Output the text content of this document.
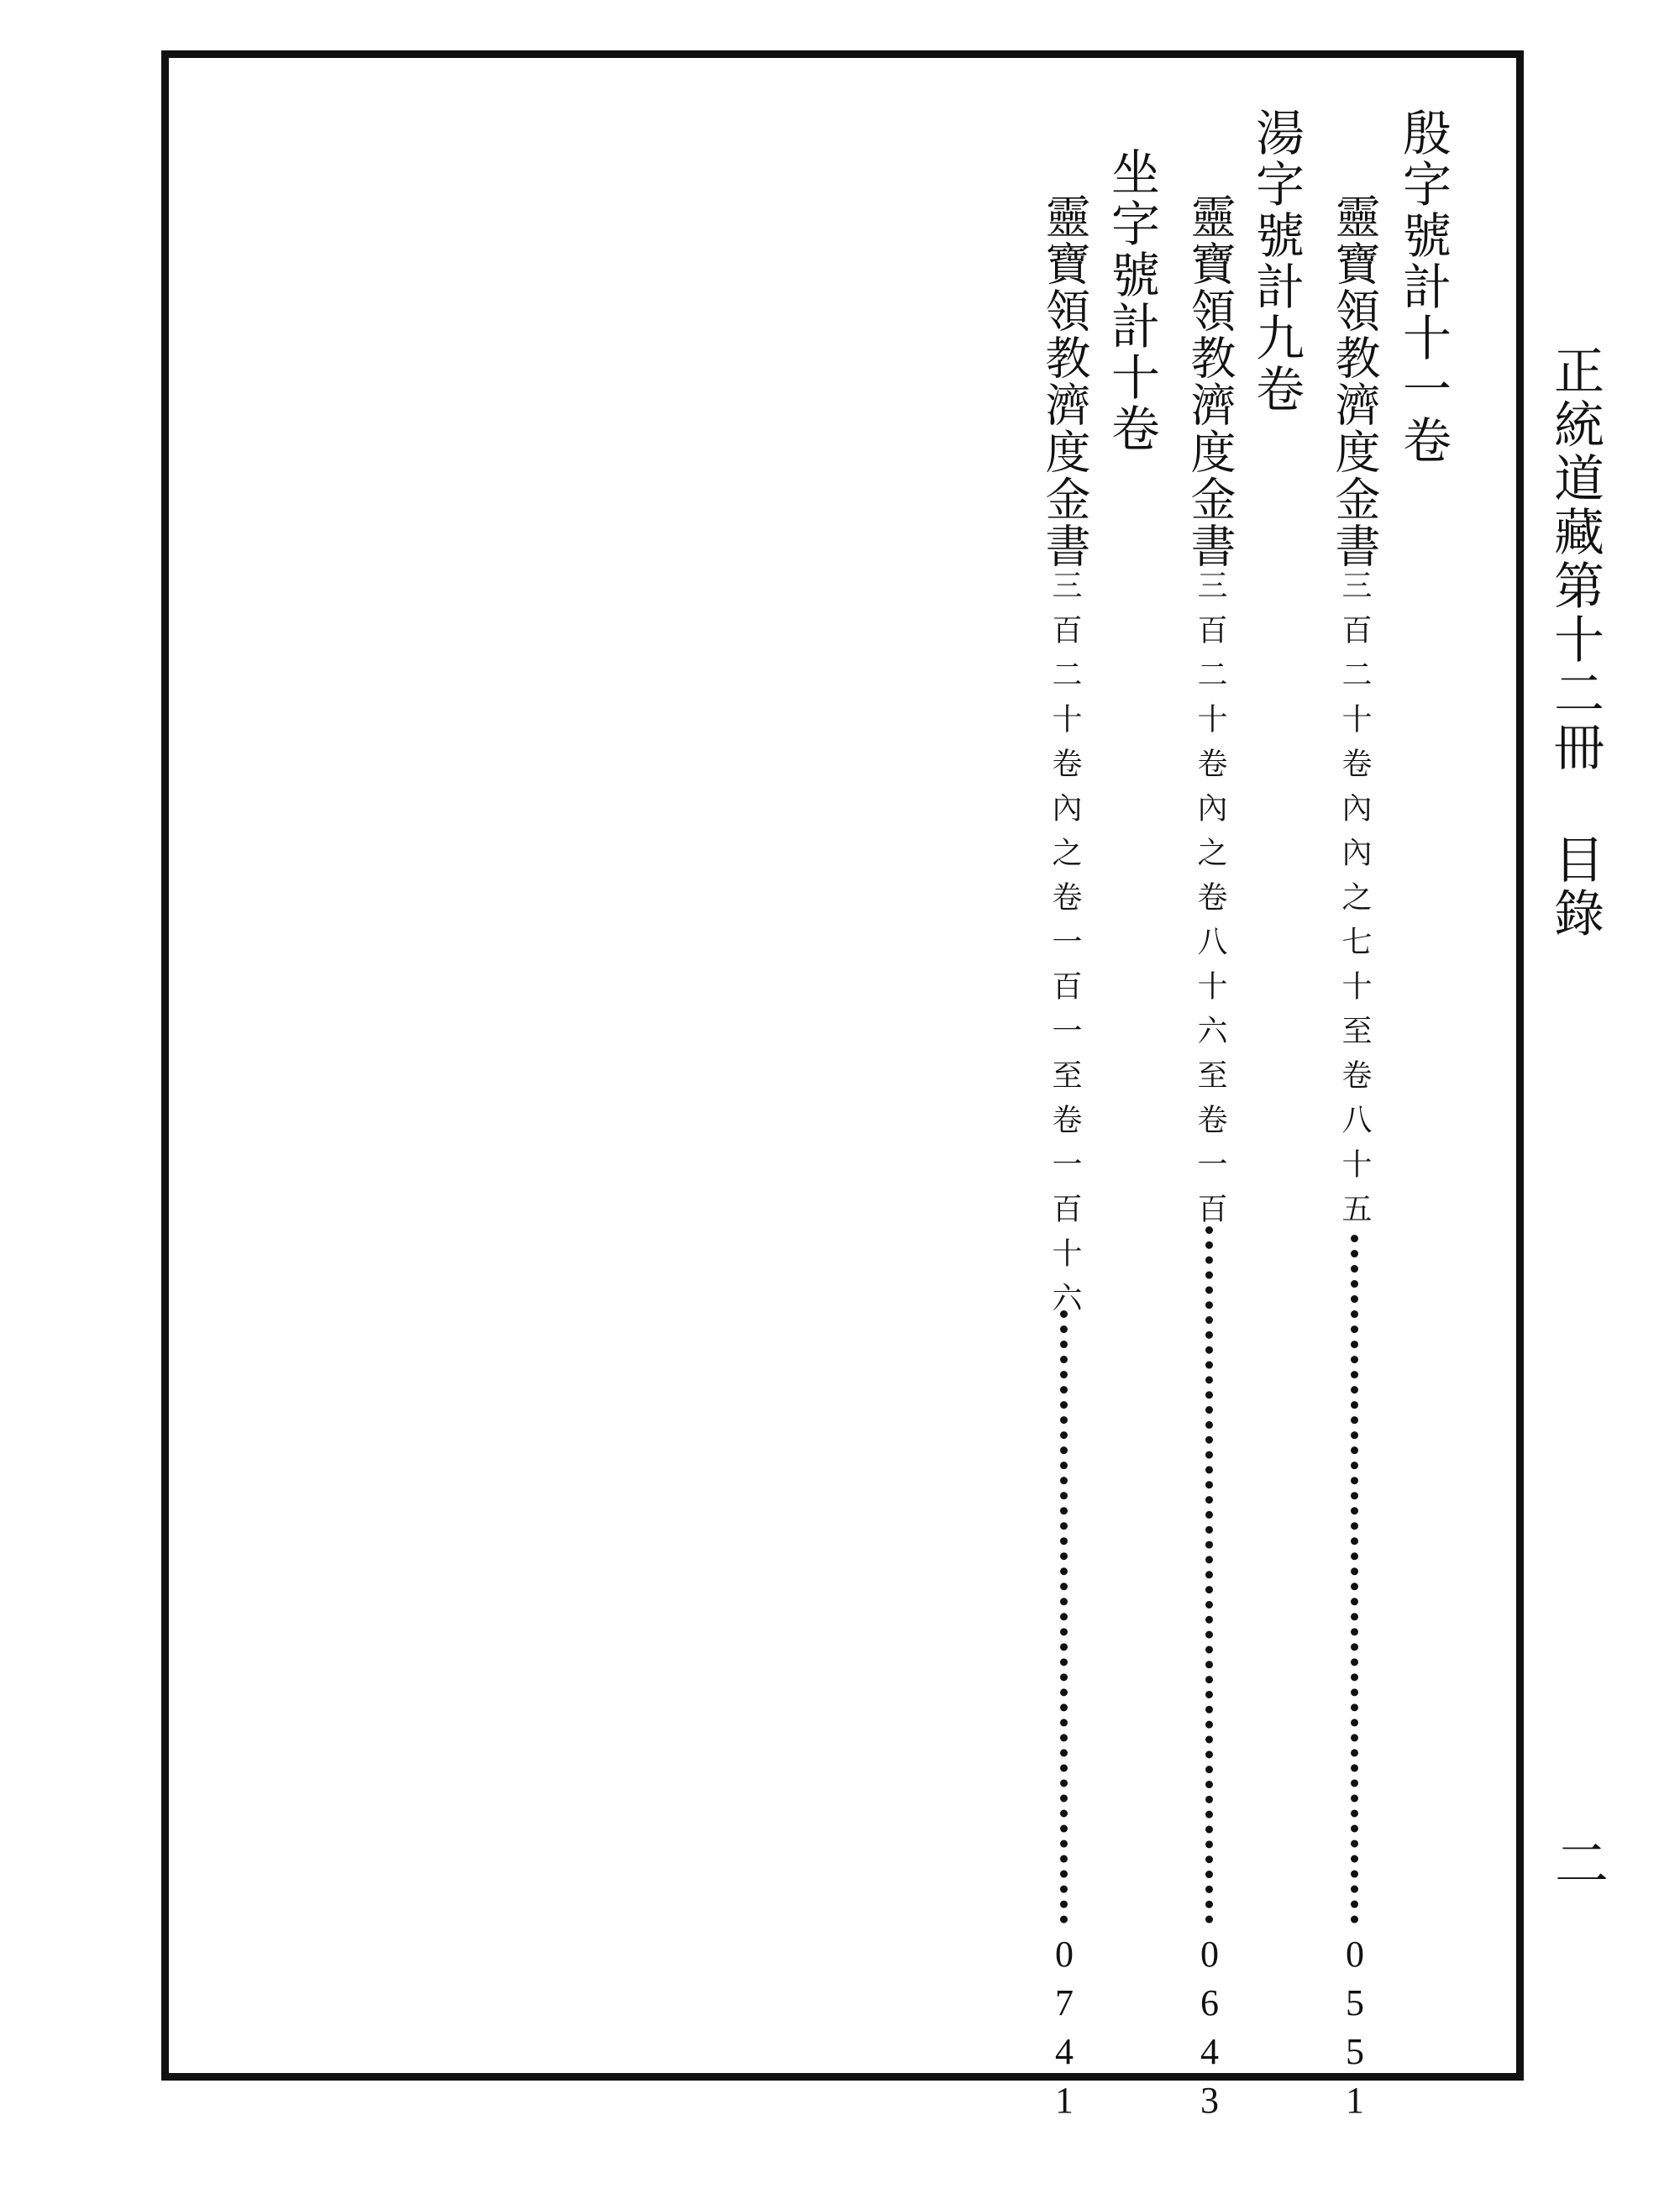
正統道藏第十二冊目錄
二
殷字號計十一卷
靈寶領教濟度金書三百二十卷內內之七十至卷八十五
0
5
5
1
湯字號計九卷
靈寶領教濟度金書三百二十卷內之卷八十六至卷一百
0
6
4
3
坐字號計十卷
靈寶領教濟度金書三百二十卷內之卷一百一至卷一百十六
0
7
4
1
